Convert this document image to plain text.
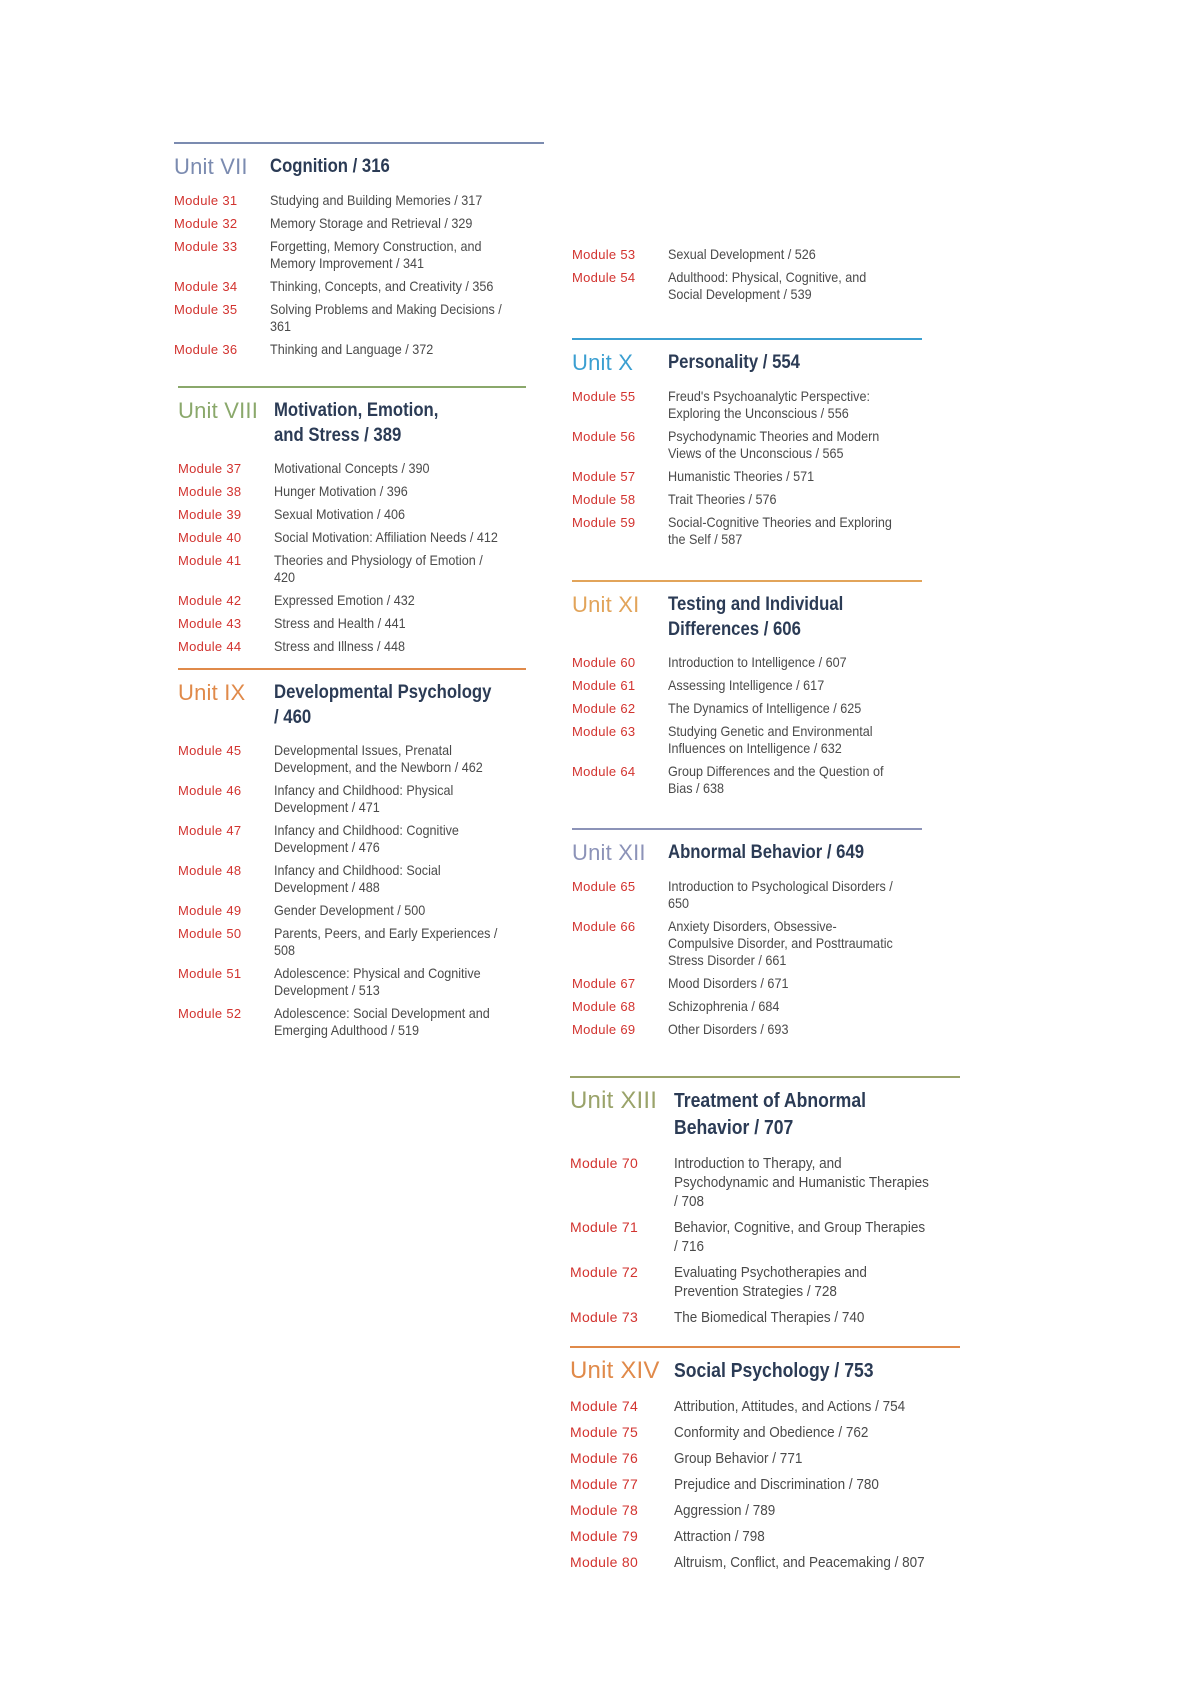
Unit VII	Cognition / 316
Module 31	Studying and Building Memories / 317
Module 32	Memory Storage and Retrieval / 329
Module 33	Forgetting, Memory Construction, and Memory Improvement / 341
Module 34	Thinking, Concepts, and Creativity / 356
Module 35	Solving Problems and Making Decisions / 361
Module 36	Thinking and Language / 372
Unit VIII Motivation, Emotion, and Stress / 389
Module 37	Motivational Concepts / 390
Module 38	Hunger Motivation / 396
Module 39	Sexual Motivation / 406
Module 40	Social Motivation: Affiliation Needs / 412
Module 41	Theories and Physiology of Emotion / 420
Module 42	Expressed Emotion / 432
Module 43	Stress and Health / 441
Module 44	Stress and Illness / 448
Unit IX	Developmental Psychology / 460
Module 45	Developmental Issues, Prenatal Development, and the Newborn / 462
Module 46	Infancy and Childhood: Physical Development / 471
Module 47	Infancy and Childhood: Cognitive Development / 476
Module 48	Infancy and Childhood: Social Development / 488
Module 49	Gender Development / 500
Module 50	Parents, Peers, and Early Experiences / 508
Module 51	Adolescence: Physical and Cognitive Development / 513
Module 52	Adolescence: Social Development and Emerging Adulthood / 519
Module 53	Sexual Development / 526
Module 54	Adulthood: Physical, Cognitive, and Social Development / 539
Unit X	Personality / 554
Module 55	Freud's Psychoanalytic Perspective: Exploring the Unconscious / 556
Module 56	Psychodynamic Theories and Modern Views of the Unconscious / 565
Module 57	Humanistic Theories / 571
Module 58	Trait Theories / 576
Module 59	Social-Cognitive Theories and Exploring the Self / 587
Unit XI	Testing and Individual Differences / 606
Module 60	Introduction to Intelligence / 607
Module 61	Assessing Intelligence / 617
Module 62	The Dynamics of Intelligence / 625
Module 63	Studying Genetic and Environmental Influences on Intelligence / 632
Module 64	Group Differences and the Question of Bias / 638
Unit XII	Abnormal Behavior / 649
Module 65	Introduction to Psychological Disorders / 650
Module 66	Anxiety Disorders, Obsessive-Compulsive Disorder, and Posttraumatic Stress Disorder / 661
Module 67	Mood Disorders / 671
Module 68	Schizophrenia / 684
Module 69	Other Disorders / 693
Unit XIII Treatment of Abnormal Behavior / 707
Module 70	Introduction to Therapy, and Psychodynamic and Humanistic Therapies / 708
Module 71	Behavior, Cognitive, and Group Therapies / 716
Module 72	Evaluating Psychotherapies and Prevention Strategies / 728
Module 73	The Biomedical Therapies / 740
Unit XIV Social Psychology / 753
Module 74	Attribution, Attitudes, and Actions / 754
Module 75	Conformity and Obedience / 762
Module 76	Group Behavior / 771
Module 77	Prejudice and Discrimination / 780
Module 78	Aggression / 789
Module 79	Attraction / 798
Module 80	Altruism, Conflict, and Peacemaking / 807
